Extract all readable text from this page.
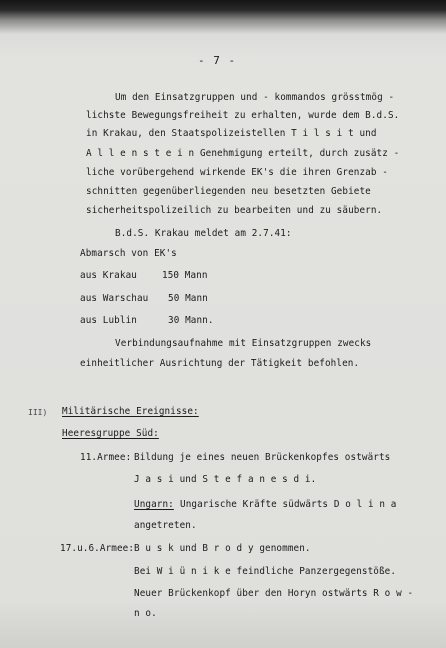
- 7 -
Um den Einsatzgruppen und - kommandos grösstmög -
lichste Bewegungsfreiheit zu erhalten, wurde dem B.d.S.
in Krakau, den Staatspolizeistellen T i l s i t und
A l l e n s t e i n Genehmigung erteilt, durch zusätz -
liche vorübergehend wirkende EK's die ihren Grenzab -
schnitten gegenüberliegenden neu besetzten Gebiete
sicherheitspolizeilich zu bearbeiten und zu säubern.
B.d.S. Krakau meldet am 2.7.41:
Abmarsch von EK's
aus Krakau	150 Mann
aus Warschau 50 Mann
aus Lublin	30 Mann.
Verbindungsaufnahme mit Einsatzgruppen zwecks
einheitlicher Ausrichtung der Tätigkeit befohlen.
III) Militärische Ereignisse:
Heeresgruppe Süd:
11.Armee: Bildung je eines neuen Brückenkopfes ostwärts
J a s i und S t e f a n e s d i.
Ungarn: Ungarische Kräfte südwärts D o l i n a
angetreten.
17.u.6.Armee: B u s k und B r o d y genommen.
Bei W i ü n i k e feindliche Panzergegenstöße.
Neuer Brückenkopf über den Horyn ostwärts R o w -
n o.
